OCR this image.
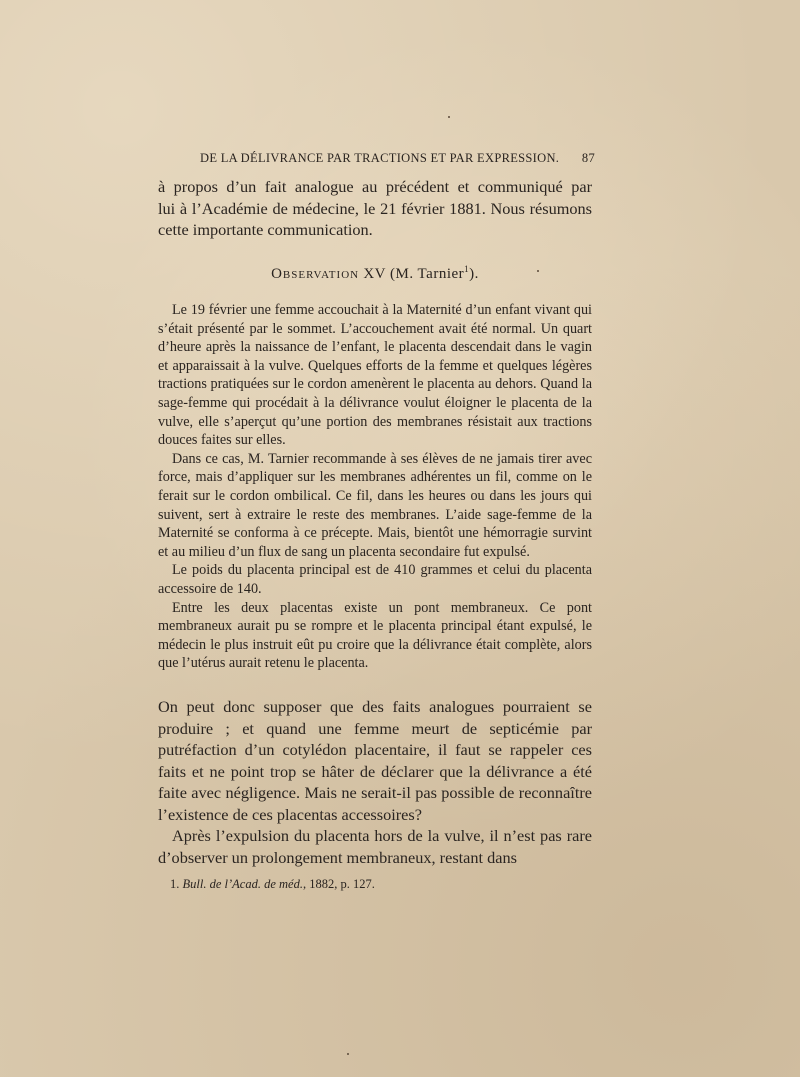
DE LA DÉLIVRANCE PAR TRACTIONS ET PAR EXPRESSION. 87
à propos d’un fait analogue au précédent et communiqué par
lui à l’Académie de médecine, le 21 février 1881. Nous résumons
cette importante communication.
Observation XV (M. Tarnier$^1$).

Le 19 février une femme accouchait à la Maternité d’un enfant vivant qui s’était présenté par le sommet. L’accouchement avait été normal. Un quart d’heure après la naissance de l’enfant, le placenta descendait dans le vagin et apparaissait à la vulve. Quelques efforts de la femme et quelques légères tractions pratiquées sur le cordon amenèrent le placenta au dehors. Quand la sage-femme qui procédait à la délivrance voulut éloigner le placenta de la vulve, elle s’aperçut qu’une portion des membranes résistait aux tractions douces faites sur elles.

Dans ce cas, M. Tarnier recommande à ses élèves de ne jamais tirer avec force, mais d’appliquer sur les membranes adhérentes un fil, comme on le ferait sur le cordon ombilical. Ce fil, dans les heures ou dans les jours qui suivent, sert à extraire le reste des membranes. L’aide sage-femme de la Maternité se conforma à ce précepte. Mais, bientôt une hémorragie survint et au milieu d’un flux de sang un placenta secondaire fut expulsé.

Le poids du placenta principal est de 410 grammes et celui du placenta accessoire de 140.

Entre les deux placentas existe un pont membraneux. Ce pont membraneux aurait pu se rompre et le placenta principal étant expulsé, le médecin le plus instruit eût pu croire que la délivrance était complète, alors que l’utérus aurait retenu le placenta.

On peut donc supposer que des faits analogues pourraient se produire ; et quand une femme meurt de septicémie par putréfaction d’un cotylédon placentaire, il faut se rappeler ces faits et ne point trop se hâter de déclarer que la délivrance a été faite avec négligence. Mais ne serait-il pas possible de reconnaître l’existence de ces placentas accessoires?

Après l’expulsion du placenta hors de la vulve, il n’est pas rare d’observer un prolongement membraneux, restant dans

1. Bull. de l’Acad. de méd., 1882, p. 127.
